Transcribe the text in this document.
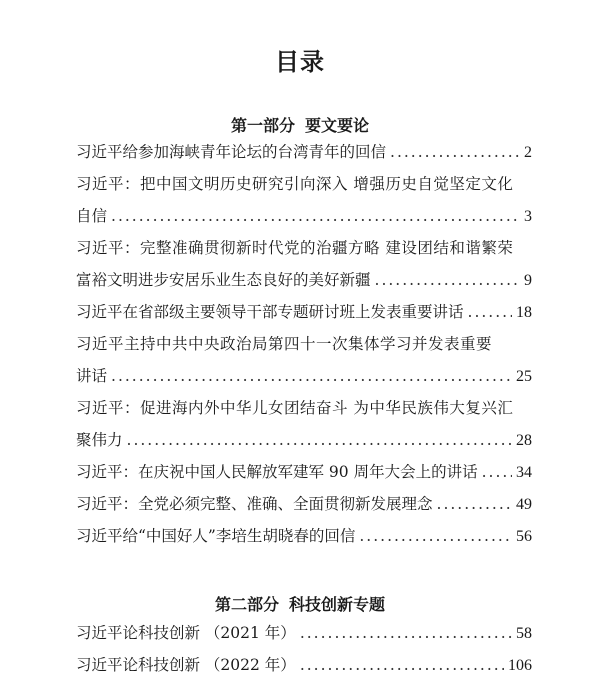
目录
第一部分 要文要论
习近平给参加海峡青年论坛的台湾青年的回信 .....	2
习近平：把中国文明历史研究引向深入 增强历史自觉坚定文化
自信 .....	3
习近平：完整准确贯彻新时代党的治疆方略 建设团结和谐繁荣
富裕文明进步安居乐业生态良好的美好新疆 .....	9
习近平在省部级主要领导干部专题研讨班上发表重要讲话 .....	18
习近平主持中共中央政治局第四十一次集体学习并发表重要
讲话 .....	25
习近平：促进海内外中华儿女团结奋斗 为中华民族伟大复兴汇
聚伟力 .....	28
习近平：在庆祝中国人民解放军建军 90 周年大会上的讲话 ..... 34
习近平：全党必须完整、准确、全面贯彻新发展理念 .....	49
习近平给“中国好人”李培生胡晓春的回信 .....	56
第二部分 科技创新专题
习近平论科技创新 （2021 年） .....	58
习近平论科技创新 （2022 年） .....	106
